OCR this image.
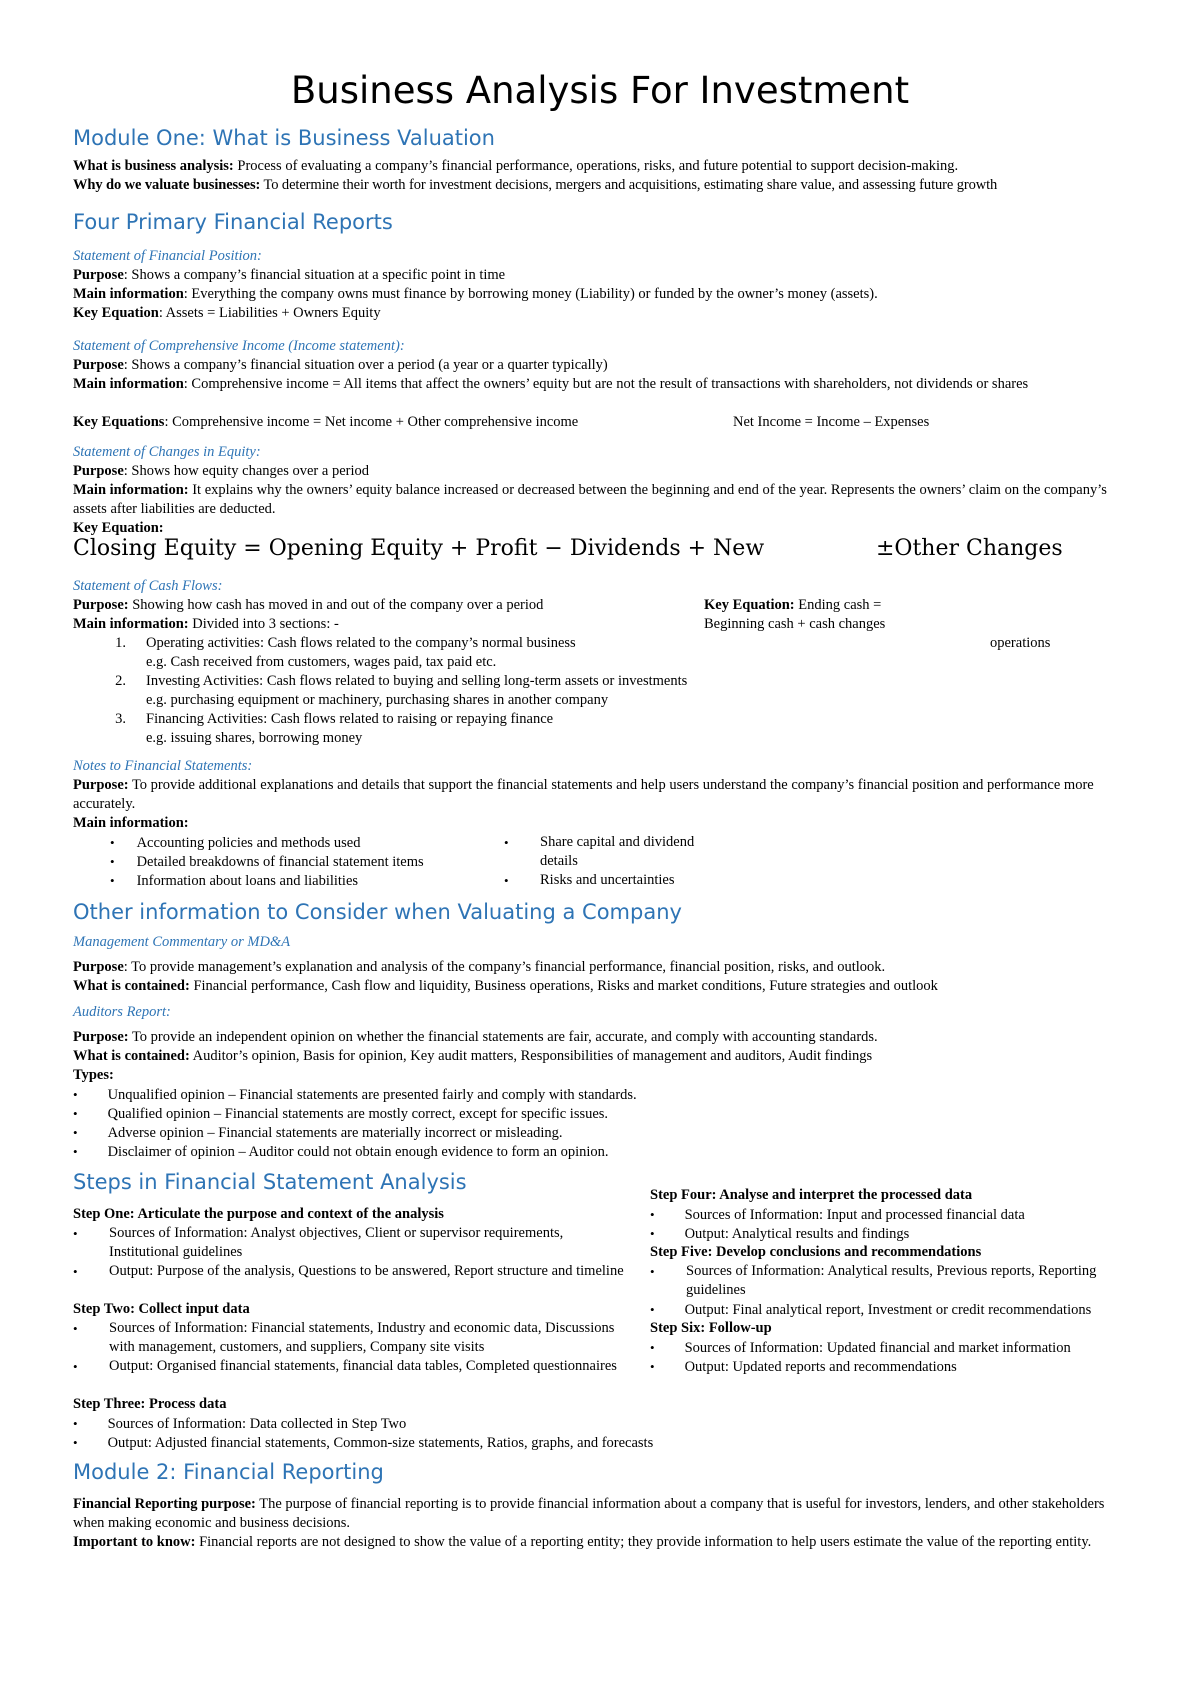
Business Analysis For Investment
Module One: What is Business Valuation
What is business analysis: Process of evaluating a company’s financial performance, operations, risks, and future potential to support decision-making.
Why do we valuate businesses: To determine their worth for investment decisions, mergers and acquisitions, estimating share value, and assessing future growth
Four Primary Financial Reports
Statement of Financial Position:
Purpose: Shows a company’s financial situation at a specific point in time
Main information: Everything the company owns must finance by borrowing money (Liability) or funded by the owner’s money (assets).
Key Equation: Assets = Liabilities + Owners Equity
Statement of Comprehensive Income (Income statement):
Purpose: Shows a company’s financial situation over a period (a year or a quarter typically)
Main information: Comprehensive income = All items that affect the owners’ equity but are not the result of transactions with shareholders, not dividends or shares
Key Equations: Comprehensive income = Net income + Other comprehensive income	Net Income = Income – Expenses
Statement of Changes in Equity:
Purpose: Shows how equity changes over a period
Main information: It explains why the owners’ equity balance increased or decreased between the beginning and end of the year. Represents the owners’ claim on the company’s assets after liabilities are deducted.
Key Equation:
Closing Equity = Opening Equity + Profit − Dividends + New	±Other Changes
Statement of Cash Flows:
Purpose: Showing how cash has moved in and out of the company over a period
Main information: Divided into 3 sections: -
Key Equation: Ending cash =
Beginning cash + cash changes
1. Operating activities: Cash flows related to the company’s normal business	operations
e.g. Cash received from customers, wages paid, tax paid etc.
2. Investing Activities: Cash flows related to buying and selling long-term assets or investments
e.g. purchasing equipment or machinery, purchasing shares in another company
3. Financing Activities: Cash flows related to raising or repaying finance
e.g. issuing shares, borrowing money
Notes to Financial Statements:
Purpose: To provide additional explanations and details that support the financial statements and help users understand the company’s financial position and performance more accurately.
Main information:
• Accounting policies and methods used
• Detailed breakdowns of financial statement items
• Information about loans and liabilities
• Share capital and dividend details
• Risks and uncertainties
Other information to Consider when Valuating a Company
Management Commentary or MD&A
Purpose: To provide management’s explanation and analysis of the company’s financial performance, financial position, risks, and outlook.
What is contained: Financial performance, Cash flow and liquidity, Business operations, Risks and market conditions, Future strategies and outlook
Auditors Report:
Purpose: To provide an independent opinion on whether the financial statements are fair, accurate, and comply with accounting standards.
What is contained: Auditor’s opinion, Basis for opinion, Key audit matters, Responsibilities of management and auditors, Audit findings
Types:
• Unqualified opinion – Financial statements are presented fairly and comply with standards.
• Qualified opinion – Financial statements are mostly correct, except for specific issues.
• Adverse opinion – Financial statements are materially incorrect or misleading.
• Disclaimer of opinion – Auditor could not obtain enough evidence to form an opinion.
Steps in Financial Statement Analysis
Step One: Articulate the purpose and context of the analysis
• Sources of Information: Analyst objectives, Client or supervisor requirements, Institutional guidelines
• Output: Purpose of the analysis, Questions to be answered, Report structure and timeline
Step Two: Collect input data
• Sources of Information: Financial statements, Industry and economic data, Discussions with management, customers, and suppliers, Company site visits
• Output: Organised financial statements, financial data tables, Completed questionnaires
Step Three: Process data
• Sources of Information: Data collected in Step Two
• Output: Adjusted financial statements, Common-size statements, Ratios, graphs, and forecasts
Step Four: Analyse and interpret the processed data
• Sources of Information: Input and processed financial data
• Output: Analytical results and findings
Step Five: Develop conclusions and recommendations
• Sources of Information: Analytical results, Previous reports, Reporting guidelines
• Output: Final analytical report, Investment or credit recommendations
Step Six: Follow-up
• Sources of Information: Updated financial and market information
• Output: Updated reports and recommendations
Module 2: Financial Reporting
Financial Reporting purpose: The purpose of financial reporting is to provide financial information about a company that is useful for investors, lenders, and other stakeholders when making economic and business decisions.
Important to know: Financial reports are not designed to show the value of a reporting entity; they provide information to help users estimate the value of the reporting entity.
